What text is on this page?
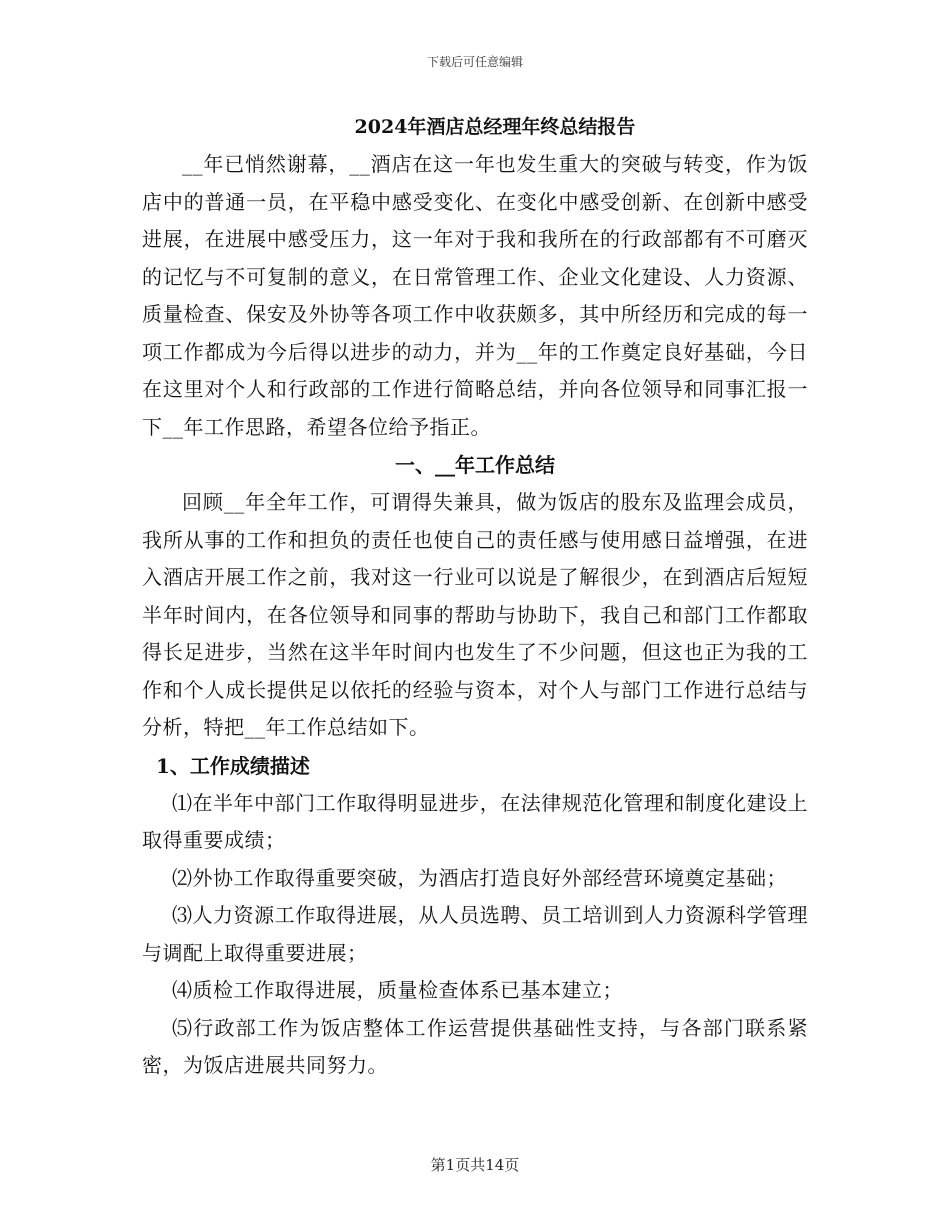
下载后可任意编辑
2024年酒店总经理年终总结报告

__年已悄然谢幕，__酒店在这一年也发生重大的突破与转变，作为饭店中的普通一员，在平稳中感受变化、在变化中感受创新、在创新中感受进展，在进展中感受压力，这一年对于我和我所在的行政部都有不可磨灭的记忆与不可复制的意义，在日常管理工作、企业文化建设、人力资源、质量检查、保安及外协等各项工作中收获颇多，其中所经历和完成的每一项工作都成为今后得以进步的动力，并为__年的工作奠定良好基础，今日在这里对个人和行政部的工作进行简略总结，并向各位领导和同事汇报一下__年工作思路，希望各位给予指正。

一、__年工作总结

回顾__年全年工作，可谓得失兼具，做为饭店的股东及监理会成员，我所从事的工作和担负的责任也使自己的责任感与使用感日益增强，在进入酒店开展工作之前，我对这一行业可以说是了解很少，在到酒店后短短半年时间内，在各位领导和同事的帮助与协助下，我自己和部门工作都取得长足进步，当然在这半年时间内也发生了不少问题，但这也正为我的工作和个人成长提供足以依托的经验与资本，对个人与部门工作进行总结与分析，特把__年工作总结如下。

1、工作成绩描述

⑴在半年中部门工作取得明显进步，在法律规范化管理和制度化建设上取得重要成绩；

⑵外协工作取得重要突破，为酒店打造良好外部经营环境奠定基础；

⑶人力资源工作取得进展，从人员选聘、员工培训到人力资源科学管理与调配上取得重要进展；

⑷质检工作取得进展，质量检查体系已基本建立；

⑸行政部工作为饭店整体工作运营提供基础性支持，与各部门联系紧密，为饭店进展共同努力。

第1页共14页
